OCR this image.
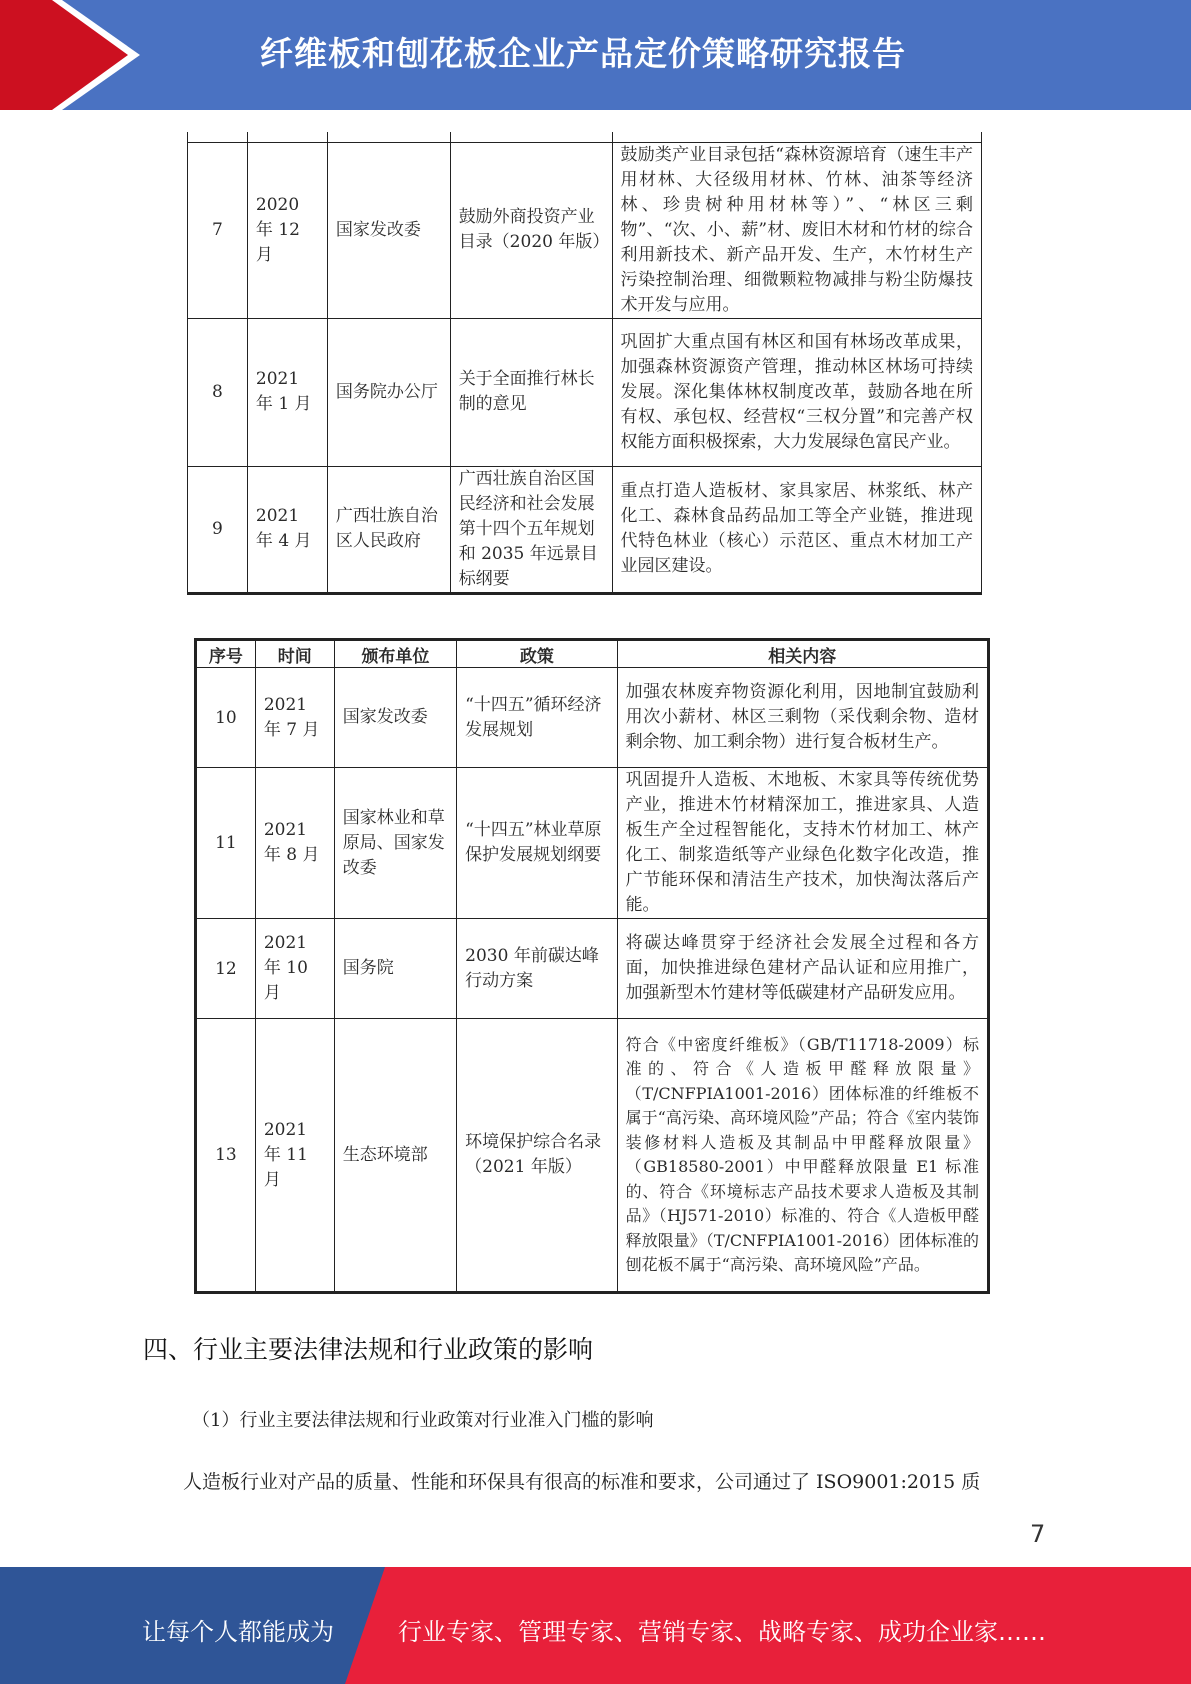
纤维板和刨花板企业产品定价策略研究报告

7	2020 年 12 月	国家发改委	鼓励外商投资产业目录（2020 年版）	鼓励类产业目录包括“森林资源培育（速生丰产用材林、大径级用材林、竹林、油茶等经济林、珍贵树种用材林等）”、“林区三剩物”、“次、小、薪”材、废旧木材和竹材的综合利用新技术、新产品开发、生产，木竹材生产污染控制治理、细微颗粒物减排与粉尘防爆技术开发与应用。
8	2021 年 1 月	国务院办公厅	关于全面推行林长制的意见	巩固扩大重点国有林区和国有林场改革成果，加强森林资源资产管理，推动林区林场可持续发展。深化集体林权制度改革，鼓励各地在所有权、承包权、经营权“三权分置”和完善产权权能方面积极探索，大力发展绿色富民产业。
9	2021 年 4 月	广西壮族自治区人民政府	广西壮族自治区国民经济和社会发展第十四个五年规划和 2035 年远景目标纲要	重点打造人造板材、家具家居、林浆纸、林产化工、森林食品药品加工等全产业链，推进现代特色林业（核心）示范区、重点木材加工产业园区建设。
序号	时间	颁布单位	政策	相关内容
10	2021 年 7 月	国家发改委	“十四五”循环经济发展规划	加强农林废弃物资源化利用，因地制宜鼓励利用次小薪材、林区三剩物（采伐剩余物、造材剩余物、加工剩余物）进行复合板材生产。
11	2021 年 8 月	国家林业和草原局、国家发改委	“十四五”林业草原保护发展规划纲要	巩固提升人造板、木地板、木家具等传统优势产业，推进木竹材精深加工，推进家具、人造板生产全过程智能化，支持木竹材加工、林产化工、制浆造纸等产业绿色化数字化改造，推广节能环保和清洁生产技术，加快淘汰落后产能。
12	2021 年 10 月	国务院	2030 年前碳达峰行动方案	将碳达峰贯穿于经济社会发展全过程和各方面，加快推进绿色建材产品认证和应用推广，加强新型木竹建材等低碳建材产品研发应用。
13	2021 年 11 月	生态环境部	环境保护综合名录（2021 年版）	符合《中密度纤维板》（GB/T11718-2009）标准的、符合《人造板甲醛释放限量》（T/CNFPIA1001-2016）团体标准的纤维板不属于“高污染、高环境风险”产品；符合《室内装饰装修材料人造板及其制品中甲醛释放限量》（GB18580-2001）中甲醛释放限量 E1 标准的、符合《环境标志产品技术要求人造板及其制品》（HJ571-2010）标准的、符合《人造板甲醛释放限量》（T/CNFPIA1001-2016）团体标准的刨花板不属于“高污染、高环境风险”产品。
四、行业主要法律法规和行业政策的影响
（1）行业主要法律法规和行业政策对行业准入门槛的影响
人造板行业对产品的质量、性能和环保具有很高的标准和要求，公司通过了 ISO9001:2015 质
7
让每个人都能成为	行业专家、管理专家、营销专家、战略专家、成功企业家……
